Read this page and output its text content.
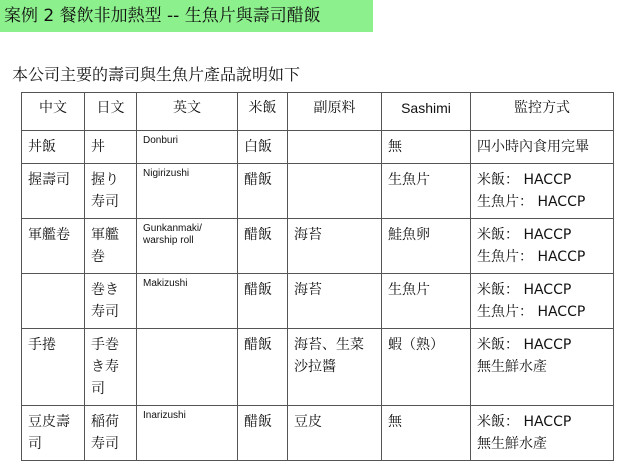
案例 2 餐飲非加熱型 -- 生魚片與壽司醋飯
本公司主要的壽司與生魚片產品說明如下
中文	日文	英文	米飯	副原料	Sashimi	監控方式
丼飯	丼	Donburi	白飯		無	四小時內食用完畢

握壽司	握り寿司	Nigirizushi	醋飯		生魚片	米飯： HACCP
生魚片： HACCP

軍艦卷	軍艦巻	Gunkanmaki/ warship roll	醋飯	海苔	鮭魚卵	米飯： HACCP
生魚片： HACCP

	巻き寿司	Makizushi	醋飯	海苔	生魚片	米飯： HACCP
生魚片： HACCP

手捲	手巻き寿司		醋飯	海苔、生菜沙拉醬	蝦（熟）	米飯： HACCP
無生鮮水產

豆皮壽司	稲荷寿司	Inarizushi	醋飯	豆皮	無	米飯： HACCP
無生鮮水產
